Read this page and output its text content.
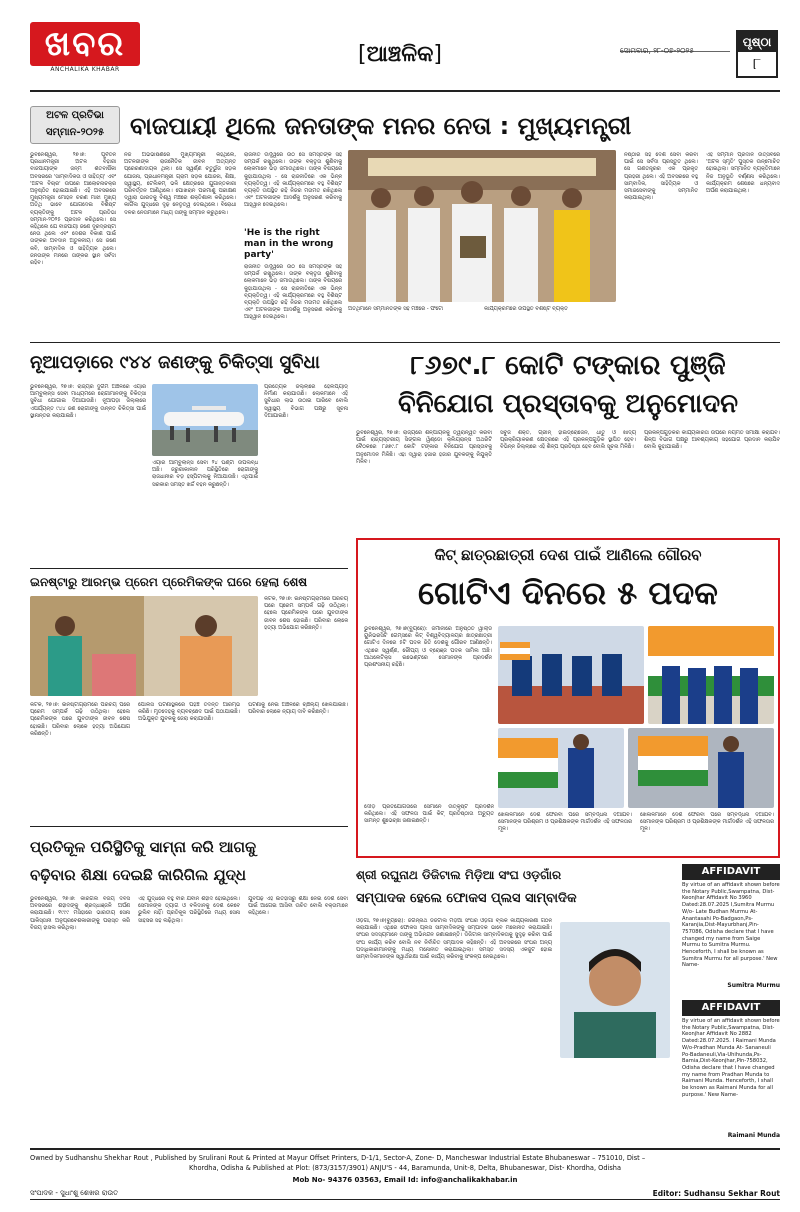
ଖବର
ANCHALIKA KHABAR
[ଆଞ୍ଚଳିକ]	ସୋମବାର, ୨୮-୦୭-୨୦୨୫
ପୃଷ୍ଠା
୮
ଅଟଳ ପ୍ରତିଭା
ସମ୍ମାନ-୨୦୨୫	ବାଜପାୟୀ ଥିଲେ ଜନତାଙ୍କ ମନର ନେତା : ମୁଖ୍ୟମନ୍ତ୍ରୀ
ଭୁବନେଶ୍ୱର, ୨୭।୭: ପୂର୍ବତନ ପ୍ରଧାନମନ୍ତ୍ରୀ ଅଟଳ ବିହାରୀ ବାଜପାୟୀଙ୍କ ଜନ୍ମ ଶତବାର୍ଷିକୀ ଅବସରରେ 'ସାମ୍ବାଦିକତା ଓ ସାହିତ୍ୟ' ଏବଂ 'ଅଟଳ ବିଚାର' ଉପରେ ଆଲୋଚନାଚକ୍ର ଅନୁଷ୍ଠିତ ହୋଇଯାଇଛି। ଏହି ଅବସରରେ ମୁଖ୍ୟମନ୍ତ୍ରୀ ମୋହନ ଚରଣ ମାଝୀ ମୁଖ୍ୟ ଅତିଥି ଭାବେ ଯୋଗଦେଇ ବିଶିଷ୍ଟ ବ୍ୟକ୍ତିଙ୍କୁ ଅଟଳ ପ୍ରତିଭା ସମ୍ମାନ-୨୦୨୫ ପ୍ରଦାନ କରିଥିଲେ। ସେ କହିଥିଲେ ଯେ ବାଜପାୟୀ ଜଣେ ଦୂରଦ୍ରଷ୍ଟା ନେତା ଥିଲେ ଏବଂ ଦେଶର ବିକାଶ ପାଇଁ ତାଙ୍କର ଅବଦାନ ଅତୁଳନୀୟ। ସେ ଜଣେ କବି, ସାମ୍ବାଦିକ ଓ ସାହିତ୍ୟିକ ଥିଲେ। ଜନତାଙ୍କ ମନରେ ତାଙ୍କର ସ୍ଥାନ ସର୍ବଦା ରହିବ।
ନିଜ ଅଭିଭାଷଣରେ ମୁଖ୍ୟମନ୍ତ୍ରୀ କହିଥିଲେ, ଅଟଳଜୀଙ୍କ ରାଜନୈତିକ ଜୀବନ ଅତ୍ୟନ୍ତ ପ୍ରେରଣାଦାୟକ ଥିଲା। ସେ ସ୍ୱର୍ଣ୍ଣ ଚତୁର୍ଭୁଜ ସଡ଼କ ଯୋଜନା, ପ୍ରଧାନମନ୍ତ୍ରୀ ଗ୍ରାମ ସଡ଼କ ଯୋଜନା, ଶିକ୍ଷା, ସ୍ୱାସ୍ଥ୍ୟ, ଟେଲିକମ୍ ଭଳି କ୍ଷେତ୍ରରେ ଯୁଗାନ୍ତକାରୀ ପରିବର୍ତ୍ତନ ଆଣିଥିଲେ। ପୋଖରାନ ପରମାଣୁ ପରୀକ୍ଷଣ ଦ୍ୱାରା ଭାରତକୁ ବିଶ୍ୱ ମଞ୍ଚରେ ଶକ୍ତିଶାଳୀ କରିଥିଲେ। କାର୍ଗିଲ ଯୁଦ୍ଧରେ ଦୃଢ଼ ନେତୃତ୍ୱ ଦେଇଥିଲେ। ବିରୋଧୀ ଦଳର ନେତାମାନେ ମଧ୍ୟ ତାଙ୍କୁ ସମ୍ମାନ କରୁଥିଲେ।
ରାଜନୀତି ଉର୍ଦ୍ଧ୍ୱରେ ଉଠି ସେ ସମସ୍ତଙ୍କ ସହ ସମ୍ପର୍କ ରଖୁଥିଲେ। ତାଙ୍କ ବକ୍ତୃତା ଶୁଣିବାକୁ ଲୋକମାନେ ଭିଡ଼ ଜମାଉଥିଲେ। ତାଙ୍କ ବିଷୟରେ କୁହାଯାଉଥିଲା - ସେ ରାଜନୀତିରେ ଏକ ଭିନ୍ନ ବ୍ୟକ୍ତିତ୍ୱ। ଏହି କାର୍ଯ୍ୟକ୍ରମରେ ବହୁ ବିଶିଷ୍ଟ ବ୍ୟକ୍ତି ଉପସ୍ଥିତ ରହି ନିଜର ମତାମତ ରଖିଥିଲେ ଏବଂ ଅଟଳଜୀଙ୍କ ଆଦର୍ଶକୁ ଅନୁସରଣ କରିବାକୁ ଆହ୍ୱାନ ଦେଇଥିଲେ।
'He is the right man in the wrong party'
ରାଜନୀତି ଉର୍ଦ୍ଧ୍ୱରେ ଉଠି ସେ ସମସ୍ତଙ୍କ ସହ ସମ୍ପର୍କ ରଖୁଥିଲେ। ତାଙ୍କ ବକ୍ତୃତା ଶୁଣିବାକୁ ଲୋକମାନେ ଭିଡ଼ ଜମାଉଥିଲେ। ତାଙ୍କ ବିଷୟରେ କୁହାଯାଉଥିଲା - ସେ ରାଜନୀତିରେ ଏକ ଭିନ୍ନ ବ୍ୟକ୍ତିତ୍ୱ। ଏହି କାର୍ଯ୍ୟକ୍ରମରେ ବହୁ ବିଶିଷ୍ଟ ବ୍ୟକ୍ତି ଉପସ୍ଥିତ ରହି ନିଜର ମତାମତ ରଖିଥିଲେ ଏବଂ ଅଟଳଜୀଙ୍କ ଆଦର୍ଶକୁ ଅନୁସରଣ କରିବାକୁ ଆହ୍ୱାନ ଦେଇଥିଲେ।
ଅତିଥିମାନେ ସମ୍ମାନିତଙ୍କ ସହ ମଞ୍ଚରେ - ଫଟୋ	କାର୍ଯ୍ୟକ୍ରମରେ ଉପସ୍ଥିତ ବିଶିଷ୍ଟ ବ୍ୟକ୍ତି
ନିଷ୍ଠାର ସହ ଦେଶ ସେବା କରିବା ପାଇଁ ସେ ସର୍ବଦା ପ୍ରସ୍ତୁତ ଥିଲେ। ସେ ଗଣତନ୍ତ୍ରର ଏକ ପ୍ରକୃତ ପ୍ରହରୀ ଥିଲେ। ଏହି ଅବସରରେ ବହୁ ସାମ୍ବାଦିକ, ସାହିତ୍ୟିକ ଓ ସମାଜସେବୀଙ୍କୁ ସମ୍ମାନିତ କରାଯାଇଥିଲା।
ଏହି ସମ୍ମାନ ପ୍ରଦାନ ଉତ୍ସବରେ 'ଅଟଳ ସ୍ମୃତି' ପୁସ୍ତକ ଉନ୍ମୋଚିତ ହୋଇଥିଲା। ସମ୍ମାନିତ ବ୍ୟକ୍ତିମାନେ ନିଜ ଅନୁଭୂତି ବର୍ଣ୍ଣନା କରିଥିଲେ। କାର୍ଯ୍ୟକ୍ରମ ଶେଷରେ ଧନ୍ୟବାଦ ଅର୍ପଣ କରାଯାଇଥିଲା।
ନୂଆପଡ଼ାରେ ୯୪୪ ଜଣଙ୍କୁ ଚିକିତ୍ସା ସୁବିଧା
ଭୁବନେଶ୍ୱର, ୨୭।୭: ରାଜ୍ୟର ଦୁର୍ଗମ ଅଞ୍ଚଳରେ ଏୟାର ଆମ୍ବୁଲାନ୍ସ ସେବା ମାଧ୍ୟମରେ ରୋଗୀମାନଙ୍କୁ ଚିକିତ୍ସା ସୁବିଧା ଯୋଗାଇ ଦିଆଯାଉଛି। ନୂଆପଡ଼ା ଜିଲ୍ଲାରେ ଏପର୍ଯ୍ୟନ୍ତ ୯୪୪ ଜଣ ରୋଗୀଙ୍କୁ ଉନ୍ନତ ଚିକିତ୍ସା ପାଇଁ ସ୍ଥାନାନ୍ତର କରାଯାଇଛି।
ଏୟାର ଆମ୍ବୁଲାନ୍ସ ସେବା ୨୪ ଘଣ୍ଟା ଉପଲବ୍ଧ ଅଛି। ଜରୁରୀକାଳୀନ ପରିସ୍ଥିତିରେ ରୋଗୀଙ୍କୁ ରାଜଧାନୀର ବଡ଼ ହସ୍ପିଟାଲକୁ ନିଆଯାଉଛି। ଏଥିପାଇଁ ସରକାର ସମସ୍ତ ଖର୍ଚ୍ଚ ବହନ କରୁଛନ୍ତି।
ପ୍ରତ୍ୟେକ ଜିଲ୍ଲାରେ ହେଲିପ୍ୟାଡ୍ ନିର୍ମାଣ କରାଯାଉଛି। ଲୋକମାନେ ଏହି ସୁବିଧାର ଲାଭ ଉଠାଇ ପାରିବେ ବୋଲି ସ୍ୱାସ୍ଥ୍ୟ ବିଭାଗ ପକ୍ଷରୁ ସୂଚନା ଦିଆଯାଇଛି।
୮୬୭୯.୮ କୋଟି ଟଙ୍କାର ପୁଞ୍ଜି
ବିନିଯୋଗ ପ୍ରସ୍ତାବକୁ ଅନୁମୋଦନ
ଭୁବନେଶ୍ୱର, ୨୭।୭: ରାଜ୍ୟରେ ଶିଳ୍ପାୟନକୁ ତ୍ୱରାନ୍ୱିତ କରିବା ପାଇଁ ରାଜ୍ୟସ୍ତରୀୟ ସିଙ୍ଗଲ ୱିଣ୍ଡୋ କ୍ଲିୟରାନ୍ସ ଅଥରିଟି ବୈଠକରେ ୮୬୭୯.୮ କୋଟି ଟଙ୍କାର ବିନିଯୋଗ ପ୍ରସ୍ତାବକୁ ଅନୁମୋଦନ ମିଳିଛି। ଏହା ଦ୍ୱାରା ହଜାର ହଜାର ଯୁବକଙ୍କୁ ନିଯୁକ୍ତି ମିଳିବ।
ସବୁଜ ଶକ୍ତି, ଗ୍ରୀନ୍ ହାଇଡ୍ରୋଜେନ, ଧାତୁ ଓ ଖାଦ୍ୟ ପ୍ରକ୍ରିୟାକରଣ କ୍ଷେତ୍ରରେ ଏହି ପ୍ରକଳ୍ପଗୁଡ଼ିକ ସ୍ଥାପିତ ହେବ। ବିଭିନ୍ନ ଜିଲ୍ଲାରେ ଏହି ଶିଳ୍ପ ପ୍ରତିଷ୍ଠା ହେବ ବୋଲି ସୂଚନା ମିଳିଛି।
ପ୍ରକଳ୍ପଗୁଡ଼ିକର କାର୍ଯ୍ୟକାରିତା ଉପରେ ନିୟମିତ ସମୀକ୍ଷା କରାଯିବ। ଶିଳ୍ପ ବିଭାଗ ପକ୍ଷରୁ ଆବଶ୍ୟକୀୟ ସହଯୋଗ ପ୍ରଦାନ କରାଯିବ ବୋଲି କୁହାଯାଇଛି।
ଇନଷ୍ଟାରୁ ଆରମ୍ଭ ପ୍ରେମ ପ୍ରେମିକଙ୍କ ଘରେ ହେଲା ଶେଷ
କଟକ, ୨୭।୭: ଇନଷ୍ଟାଗ୍ରାମରେ ପରିଚୟ ପରେ ପ୍ରେମ ସମ୍ପର୍କ ଗଢ଼ି ଉଠିଥିଲା। ହେଲେ ପ୍ରେମିକଙ୍କ ଘରେ ଯୁବତୀଙ୍କ ଜୀବନ ଶେଷ ହୋଇଛି। ପରିବାର ଲୋକେ ହତ୍ୟା ଅଭିଯୋଗ କରିଛନ୍ତି।
କଟକ, ୨୭।୭: ଇନଷ୍ଟାଗ୍ରାମରେ ପରିଚୟ ପରେ ପ୍ରେମ ସମ୍ପର୍କ ଗଢ଼ି ଉଠିଥିଲା। ହେଲେ ପ୍ରେମିକଙ୍କ ଘରେ ଯୁବତୀଙ୍କ ଜୀବନ ଶେଷ ହୋଇଛି। ପରିବାର ଲୋକେ ହତ୍ୟା ଅଭିଯୋଗ କରିଛନ୍ତି।
ପୋଲିସ ଘଟଣାସ୍ଥଳରେ ପହଞ୍ଚି ତଦନ୍ତ ଆରମ୍ଭ କରିଛି। ମୃତଦେହକୁ ବ୍ୟବଚ୍ଛେଦ ପାଇଁ ପଠାଯାଇଛି। ଅଭିଯୁକ୍ତ ଯୁବକକୁ ଜେରା କରାଯାଉଛି।
ଘଟଣାକୁ ନେଇ ଅଞ୍ଚଳରେ ଚାଞ୍ଚଲ୍ୟ ଖେଳିଯାଇଛି। ପରିବାର ଲୋକେ ନ୍ୟାୟ ଦାବି କରିଛନ୍ତି।
କିଟ୍ ଛାତ୍ରଛାତ୍ରୀ ଦେଶ ପାଇଁ ଆଣିଲେ ଗୌରବ
ଗୋଟିଏ ଦିନରେ ୫ ପଦକ
ଭୁବନେଶ୍ୱର, ୨୭।୭(ବ୍ୟୁରୋ): ଜର୍ମାନୀରେ ଅନୁଷ୍ଠିତ ୱାର୍ଲ୍ଡ ୟୁନିଭରସିଟି ଗେମ୍ସରେ କିଟ୍ ବିଶ୍ୱବିଦ୍ୟାଳୟର ଛାତ୍ରଛାତ୍ରୀ ଗୋଟିଏ ଦିନରେ ୫ଟି ପଦକ ଜିତି ଦେଶକୁ ଗୌରବ ଆଣିଛନ୍ତି। ଏଥିରେ ସ୍ୱର୍ଣ୍ଣ, ରୌପ୍ୟ ଓ ବ୍ରୋଞ୍ଜ ପଦକ ସାମିଲ ଅଛି। ଆଥଲେଟିକ୍ସ ଇଭେଣ୍ଟରେ ସେମାନଙ୍କ ପ୍ରଦର୍ଶନ ପ୍ରଶଂସନୀୟ ରହିଛି।
ଦୌଡ଼ ପ୍ରତିଯୋଗିତାରେ ସେମାନେ ଉତ୍କୃଷ୍ଟ ପ୍ରଦର୍ଶନ କରିଥିଲେ। ଏହି ସଫଳତା ପାଇଁ କିଟ୍ ପ୍ରତିଷ୍ଠାତା ଅଚ୍ୟୁତ ସାମନ୍ତ ଶୁଭେଚ୍ଛା ଜଣାଇଛନ୍ତି।
ଖେଳାଳିମାନେ ଦେଶ ଫେରିବା ପରେ ସମ୍ବର୍ଦ୍ଧନା ଦିଆଯିବ। ସେମାନଙ୍କ ପରିଶ୍ରମ ଓ ପ୍ରଶିକ୍ଷକଙ୍କ ମାର୍ଗଦର୍ଶନ ଏହି ସଫଳତାର ମୂଳ।
ଖେଳାଳିମାନେ ଦେଶ ଫେରିବା ପରେ ସମ୍ବର୍ଦ୍ଧନା ଦିଆଯିବ। ସେମାନଙ୍କ ପରିଶ୍ରମ ଓ ପ୍ରଶିକ୍ଷକଙ୍କ ମାର୍ଗଦର୍ଶନ ଏହି ସଫଳତାର ମୂଳ।
ପ୍ରତିକୂଳ ପରିସ୍ଥିତିକୁ ସାମ୍ନା କରି ଆଗକୁ
ବଢ଼ିବାର ଶିକ୍ଷା ଦେଇଛି କାରିଗିଲ ଯୁଦ୍ଧ
ଭୁବନେଶ୍ୱର, ୨୭।୭: କାରଗିଲ ବିଜୟ ଦିବସ ଅବସରରେ ଶହୀଦଙ୍କୁ ଶ୍ରଦ୍ଧାଞ୍ଜଳି ଅର୍ପଣ କରାଯାଇଛି। ୧୯୯୯ ମସିହାରେ ଭାରତୀୟ ସେନା ପାକିସ୍ତାନୀ ଅନୁପ୍ରବେଶକାରୀଙ୍କୁ ପରାସ୍ତ କରି ବିଜୟ ହାସଲ କରିଥିଲା।
ଏହି ଯୁଦ୍ଧରେ ବହୁ ବୀର ଯବାନ ଶହୀଦ ହୋଇଥିଲେ। ସେମାନଙ୍କ ତ୍ୟାଗ ଓ ବଳିଦାନକୁ ଦେଶ କେବେ ଭୁଲିବ ନାହିଁ। ପ୍ରତିକୂଳ ପରିସ୍ଥିତିରେ ମଧ୍ୟ ସେନା ସାହସର ସହ ଲଢ଼ିଥିଲା।
ଯୁବପିଢ଼ି ଏହି ଇତିହାସରୁ ଶିକ୍ଷା ନେଇ ଦେଶ ସେବା ପାଇଁ ଆଗେଇ ଆସିବା ଉଚିତ ବୋଲି ବକ୍ତାମାନେ କହିଥିଲେ।
ଶ୍ରୀ ରଘୁନାଥ ଡିଜିଟାଲ ମିଡ଼ିଆ ସଂଘ ଓଡ଼ଗାଁର
ସମ୍ପାଦକ ହେଲେ ଫୋକସ ପ୍ଲସ ସାମ୍ବାଦିକ
ଓଡ଼ଗାଁ, ୨୭।୭(ବ୍ୟୁରୋ): ଜଗନ୍ନାଥ ଡିଜିଟାଲ ମିଡ଼ିଆ ସଂଘର ଓଡ଼ଗାଁ ବ୍ଲକ କାର୍ଯ୍ୟକାରିଣୀ ଗଠନ କରାଯାଇଛି। ଏଥିରେ ଫୋକସ ପ୍ଲସ ସାମ୍ବାଦିକଙ୍କୁ ସମ୍ପାଦକ ଭାବେ ମନୋନୀତ କରାଯାଇଛି। ସଂଘର ସଦସ୍ୟମାନେ ତାଙ୍କୁ ଅଭିନନ୍ଦନ ଜଣାଇଛନ୍ତି। ଡିଜିଟାଲ ସାମ୍ବାଦିକତାକୁ ସୁଦୃଢ଼ କରିବା ପାଇଁ ସଂଘ କାର୍ଯ୍ୟ କରିବ ବୋଲି ନବ ନିର୍ବାଚିତ ସମ୍ପାଦକ କହିଛନ୍ତି। ଏହି ଅବସରରେ ସଂଘର ଅନ୍ୟ ପଦାଧିକାରୀମାନଙ୍କୁ ମଧ୍ୟ ମନୋନୀତ କରାଯାଇଥିଲା। ସମସ୍ତ ସଦସ୍ୟ ଏକଜୁଟ ହୋଇ ସାମ୍ବାଦିକମାନଙ୍କ ସ୍ୱାର୍ଥରକ୍ଷା ପାଇଁ କାର୍ଯ୍ୟ କରିବାକୁ ସଂକଳ୍ପ ନେଇଥିଲେ।
AFFIDAVIT
By virtue of an affidavit shown before the Notary Public,Swampatna, Dist-Keonjhar Affidavit No 3960 Dated:28.07.2025 I,Sumitra Murmu W/o- Late Budhan Murmu At- Anantasahi Po-Badgaon,Ps-Karanjia,Dist-Mayurbhanj,Pin-757086, Odisha declare that I have changed my name from Saige Murmu to Sumitra Murmu. Henceforth, I shall be known as Sumitra Murmu for all purpose.' New Name-
Sumitra Murmu
AFFIDAVIT
By virtue of an affidavit shown before the Notary Public,Swampatna, Dist-Keonjhar Affidavit No 2882 Dated:28.07.2025. I Raimani Munda W/o-Pradhan Munda At- Sananeuli Po-Badaneuli,Via-Uhihunda,Ps-Bamia,Dist-Keonjhar,Pin-758032, Odisha declare that I have changed my name from Pradhan Munda to Raimani Munda. Henceforth, I shall be known as Raimani Munda for all purpose.' New Name-
Raimani Munda
Owned by Sudhanshu Shekhar Rout , Published by Srulirani Rout & Printed at Mayur Offset Printers, D-1/1, Sector-A, Zone- D, Mancheswar Industrial Estate Bhubaneswar – 751010, Dist –
Khordha, Odisha & Published at Plot: (873/3157/3901) ANJU'S - 44, Baramunda, Unit-8, Delta, Bhubaneswar, Dist- Khordha, Odisha
Mob No- 94376 03563, Email Id: info@anchalikakhabar.in
ସଂପାଦକ - ସୁଧାଂଶୁ ଶେଖର ରାଉତ	Editor: Sudhansu Sekhar Rout
